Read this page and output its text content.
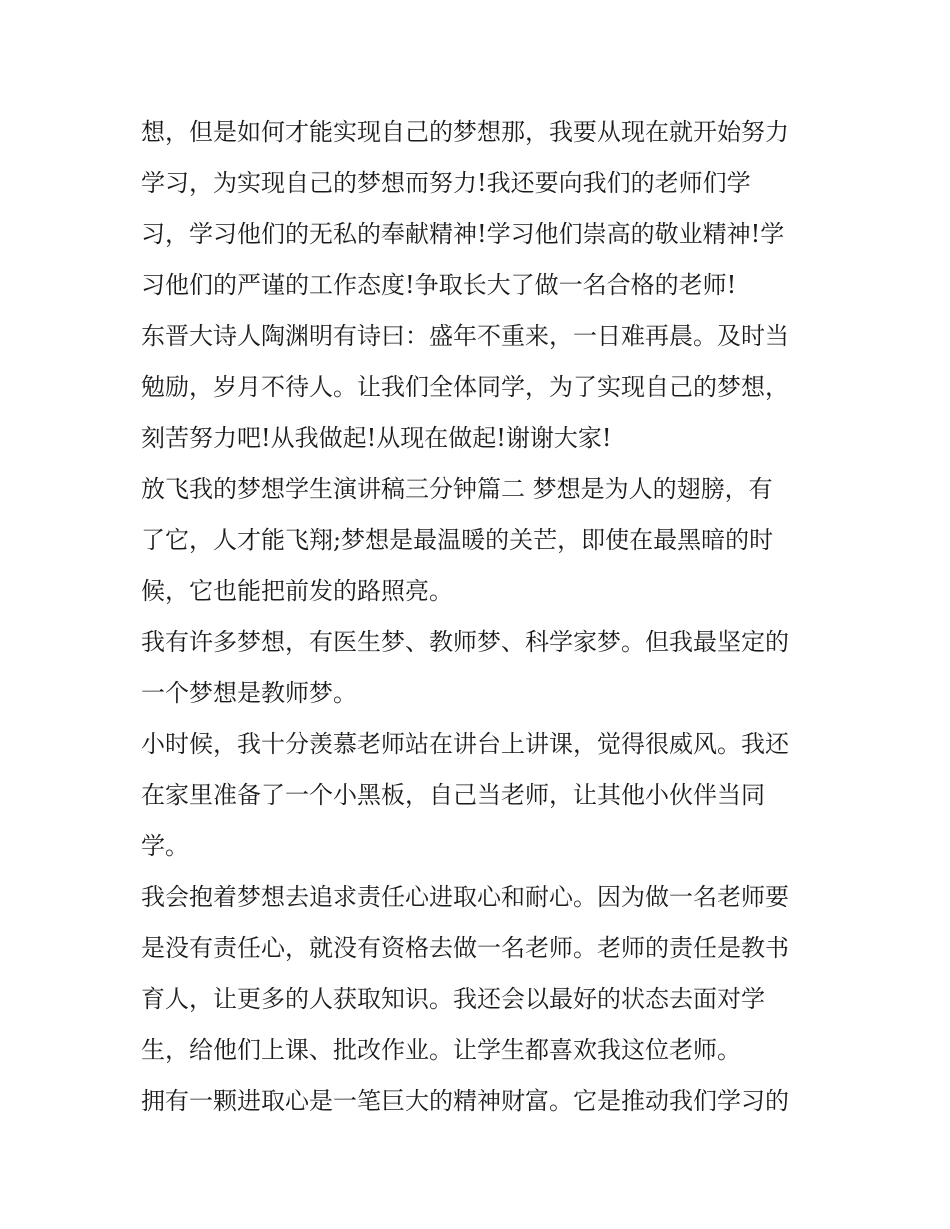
想，但是如何才能实现自己的梦想那，我要从现在就开始努力
学习，为实现自己的梦想而努力!我还要向我们的老师们学
习，学习他们的无私的奉献精神!学习他们崇高的敬业精神!学
习他们的严谨的工作态度!争取长大了做一名合格的老师!
东晋大诗人陶渊明有诗曰：盛年不重来，一日难再晨。及时当
勉励，岁月不待人。让我们全体同学，为了实现自己的梦想，
刻苦努力吧!从我做起!从现在做起!谢谢大家!
放飞我的梦想学生演讲稿三分钟篇二 梦想是为人的翅膀，有
了它，人才能飞翔;梦想是最温暖的关芒，即使在最黑暗的时
候，它也能把前发的路照亮。
我有许多梦想，有医生梦、教师梦、科学家梦。但我最坚定的
一个梦想是教师梦。
小时候，我十分羡慕老师站在讲台上讲课，觉得很威风。我还
在家里准备了一个小黑板，自己当老师，让其他小伙伴当同
学。
我会抱着梦想去追求责任心进取心和耐心。因为做一名老师要
是没有责任心，就没有资格去做一名老师。老师的责任是教书
育人，让更多的人获取知识。我还会以最好的状态去面对学
生，给他们上课、批改作业。让学生都喜欢我这位老师。
拥有一颗进取心是一笔巨大的精神财富。它是推动我们学习的
